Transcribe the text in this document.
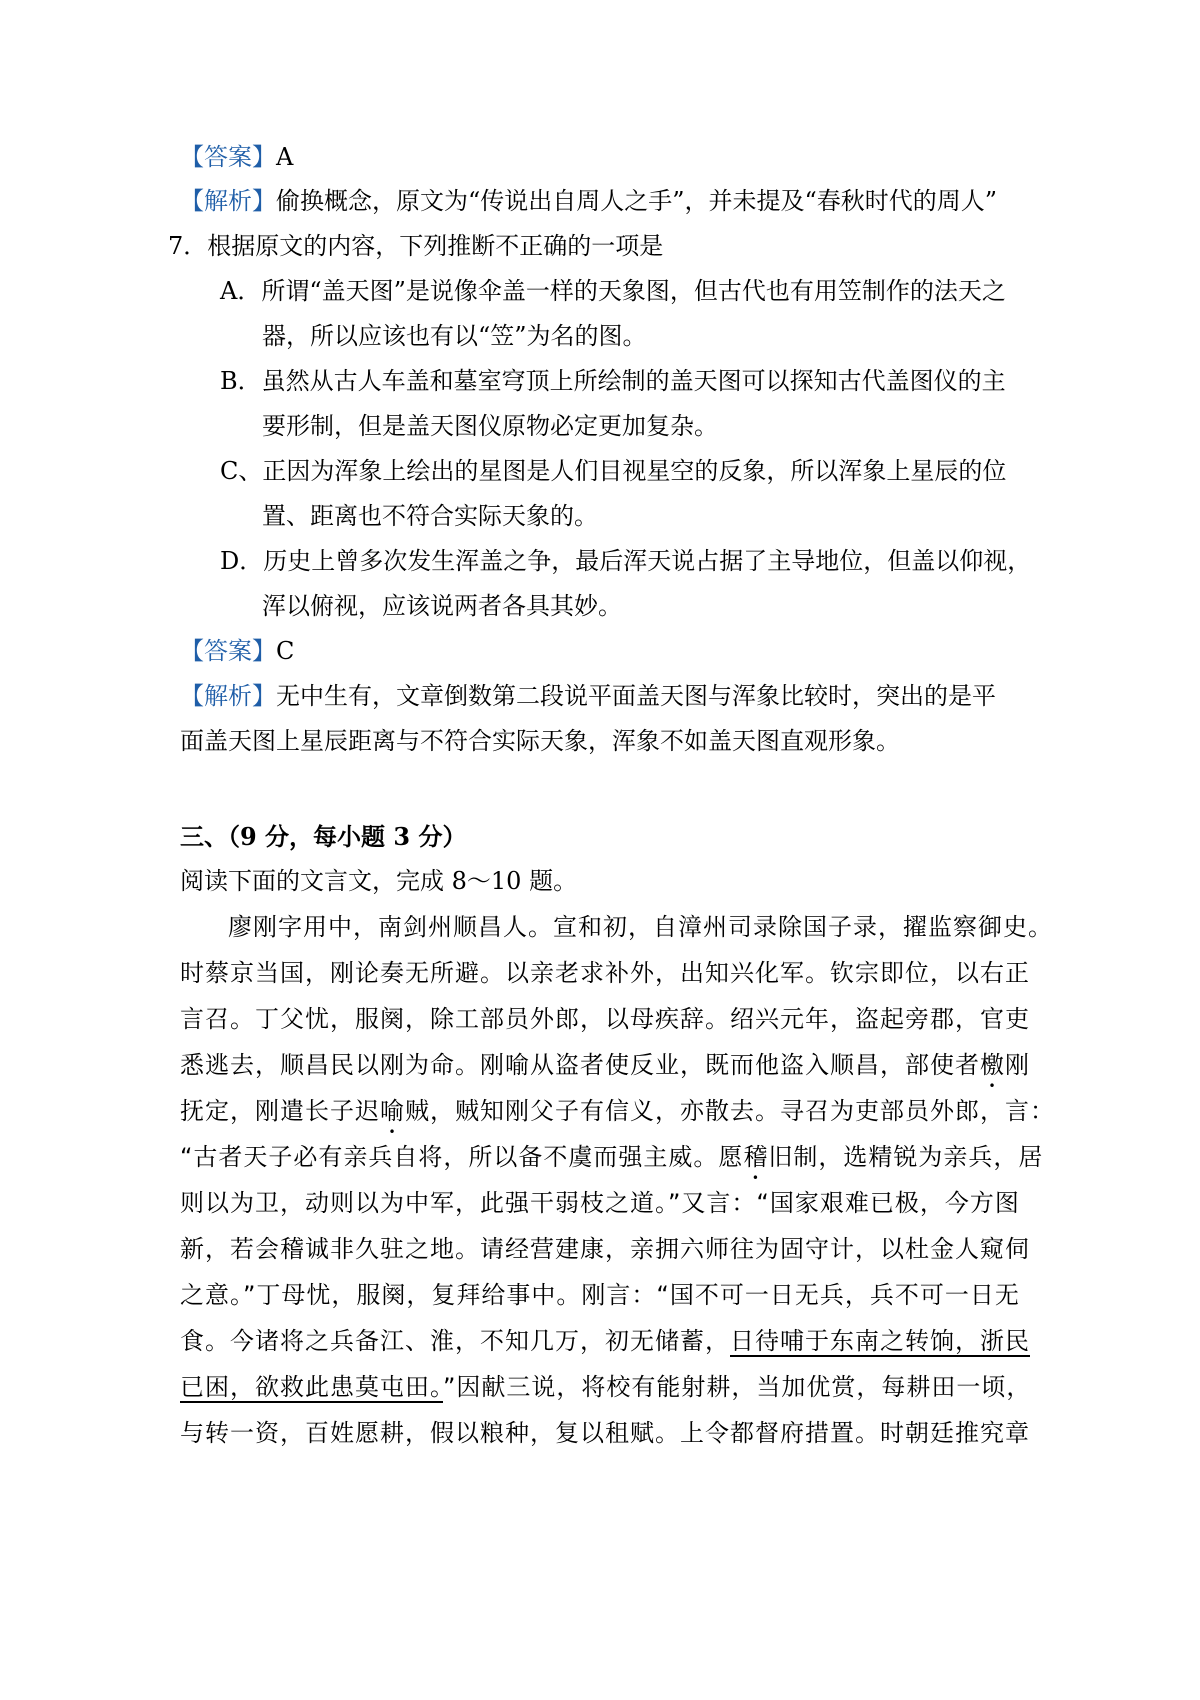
【答案】A
【解析】偷换概念，原文为“传说出自周人之手”，并未提及“春秋时代的周人”
7．根据原文的内容，下列推断不正确的一项是
A．所谓“盖天图”是说像伞盖一样的天象图，但古代也有用笠制作的法天之
器，所以应该也有以“笠”为名的图。
B．虽然从古人车盖和墓室穹顶上所绘制的盖天图可以探知古代盖图仪的主
要形制，但是盖天图仪原物必定更加复杂。
C、正因为浑象上绘出的星图是人们目视星空的反象，所以浑象上星辰的位
置、距离也不符合实际天象的。
D．历史上曾多次发生浑盖之争，最后浑天说占据了主导地位，但盖以仰视，
浑以俯视，应该说两者各具其妙。
【答案】C
【解析】无中生有，文章倒数第二段说平面盖天图与浑象比较时，突出的是平
面盖天图上星辰距离与不符合实际天象，浑象不如盖天图直观形象。
三、（9 分，每小题 3 分）
阅读下面的文言文，完成 8～10 题。
廖刚字用中，南剑州顺昌人。宣和初，自漳州司录除国子录，擢监察御史。
时蔡京当国，刚论奏无所避。以亲老求补外，出知兴化军。钦宗即位，以右正
言召。丁父忧，服阕，除工部员外郎，以母疾辞。绍兴元年，盗起旁郡，官吏
悉逃去，顺昌民以刚为命。刚喻从盗者使反业，既而他盗入顺昌，部使者檄刚
抚定，刚遣长子迟喻贼，贼知刚父子有信义，亦散去。寻召为吏部员外郎，言：
“古者天子必有亲兵自将，所以备不虞而强主威。愿稽旧制，选精锐为亲兵，居
则以为卫，动则以为中军，此强干弱枝之道。”又言：“国家艰难已极，今方图
新，若会稽诚非久驻之地。请经营建康，亲拥六师往为固守计，以杜金人窥伺
之意。”丁母忧，服阕，复拜给事中。刚言：“国不可一日无兵，兵不可一日无
食。今诸将之兵备江、淮，不知几万，初无储蓄，日待哺于东南之转饷，浙民
已困，欲救此患莫屯田。”因献三说，将校有能射耕，当加优赏，每耕田一顷，
与转一资，百姓愿耕，假以粮种，复以租赋。上令都督府措置。时朝廷推究章
